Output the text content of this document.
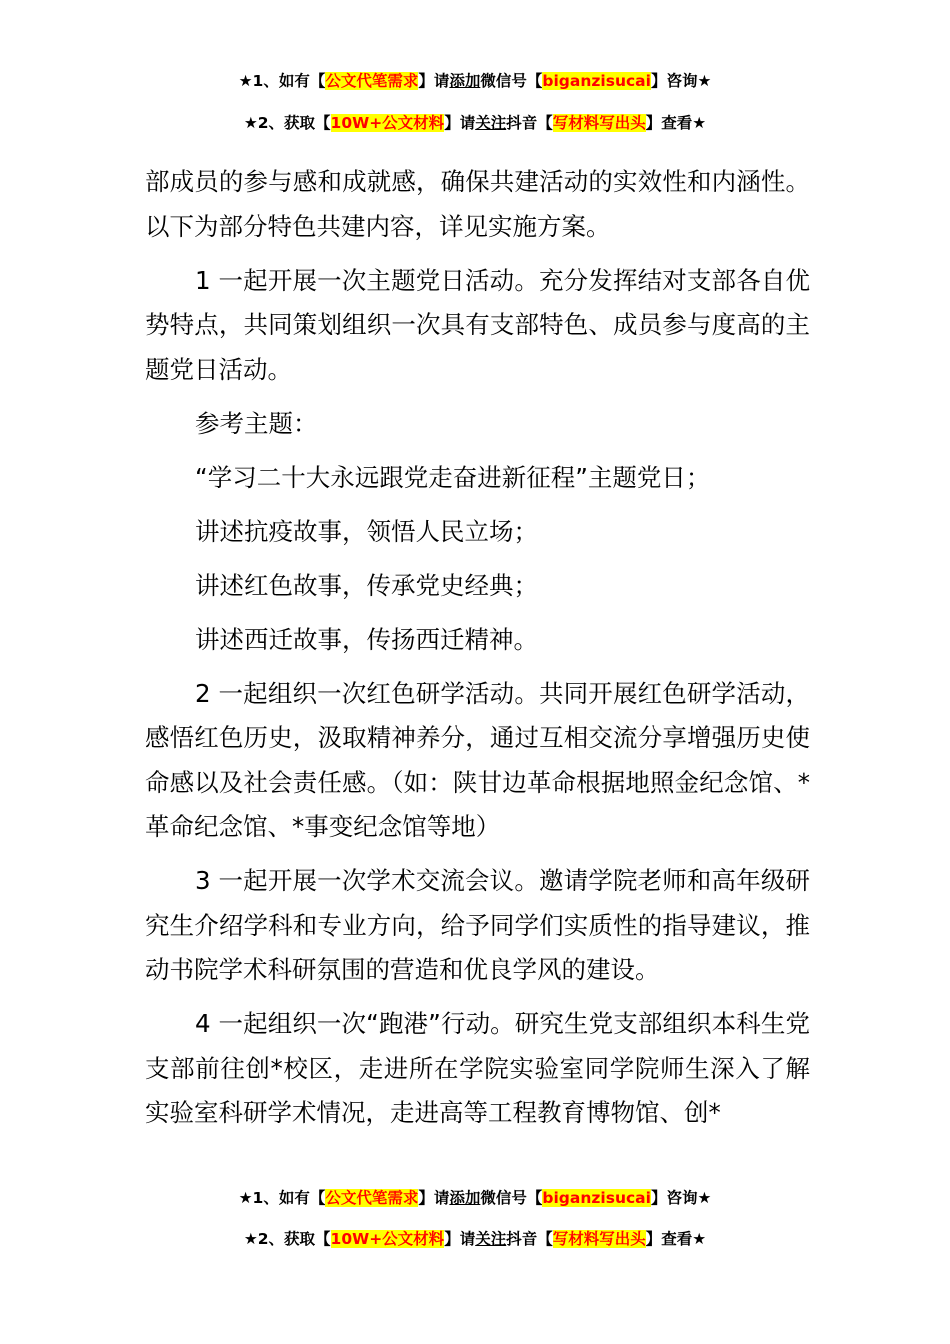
★1、如有【公文代笔需求】请添加微信号【biganzisucai】咨询★
★2、获取【10W+公文材料】请关注抖音【写材料写出头】查看★

部成员的参与感和成就感，确保共建活动的实效性和内涵性。以下为部分特色共建内容，详见实施方案。

1 一起开展一次主题党日活动。充分发挥结对支部各自优势特点，共同策划组织一次具有支部特色、成员参与度高的主题党日活动。

参考主题：

“学习二十大永远跟党走奋进新征程”主题党日；

讲述抗疫故事，领悟人民立场；

讲述红色故事，传承党史经典；

讲述西迁故事，传扬西迁精神。

2 一起组织一次红色研学活动。共同开展红色研学活动，感悟红色历史，汲取精神养分，通过互相交流分享增强历史使命感以及社会责任感。（如：陕甘边革命根据地照金纪念馆、*革命纪念馆、*事变纪念馆等地）

3 一起开展一次学术交流会议。邀请学院老师和高年级研究生介绍学科和专业方向，给予同学们实质性的指导建议，推动书院学术科研氛围的营造和优良学风的建设。

4 一起组织一次“跑港”行动。研究生党支部组织本科生党支部前往创*校区，走进所在学院实验室同学院师生深入了解实验室科研学术情况，走进高等工程教育博物馆、创*

★1、如有【公文代笔需求】请添加微信号【biganzisucai】咨询★
★2、获取【10W+公文材料】请关注抖音【写材料写出头】查看★
